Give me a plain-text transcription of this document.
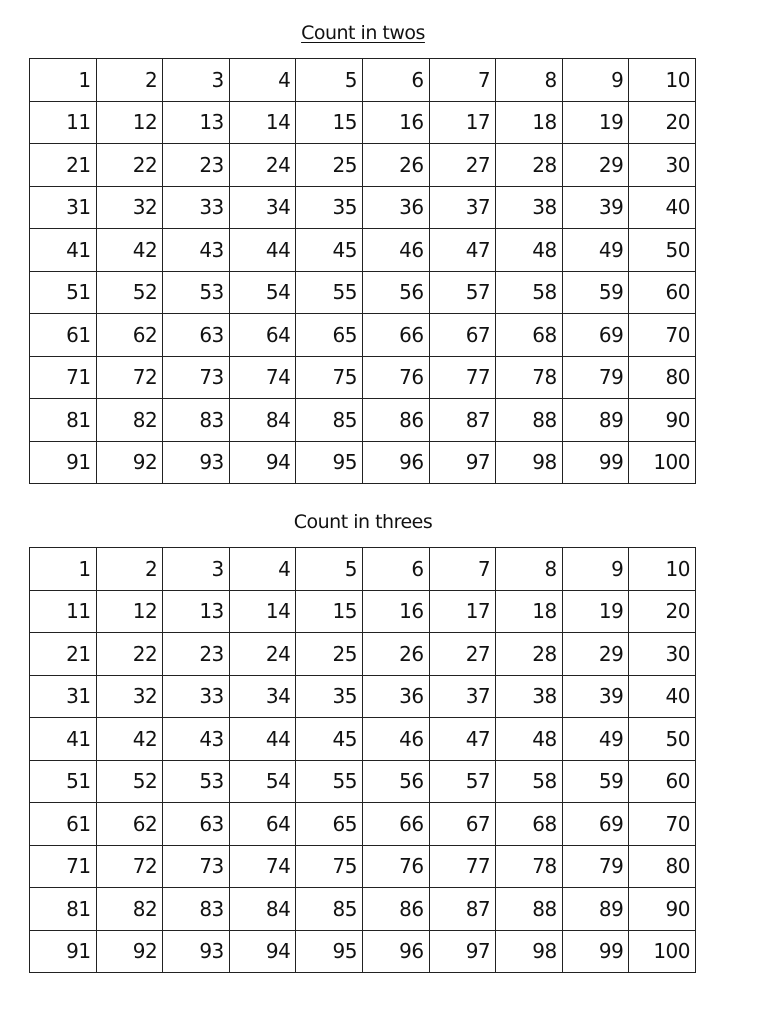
Count in twos
1	2	3	4	5	6	7	8	9	10
11	12	13	14	15	16	17	18	19	20
21	22	23	24	25	26	27	28	29	30
31	32	33	34	35	36	37	38	39	40
41	42	43	44	45	46	47	48	49	50
51	52	53	54	55	56	57	58	59	60
61	62	63	64	65	66	67	68	69	70
71	72	73	74	75	76	77	78	79	80
81	82	83	84	85	86	87	88	89	90
91	92	93	94	95	96	97	98	99	100
Count in threes
1	2	3	4	5	6	7	8	9	10
11	12	13	14	15	16	17	18	19	20
21	22	23	24	25	26	27	28	29	30
31	32	33	34	35	36	37	38	39	40
41	42	43	44	45	46	47	48	49	50
51	52	53	54	55	56	57	58	59	60
61	62	63	64	65	66	67	68	69	70
71	72	73	74	75	76	77	78	79	80
81	82	83	84	85	86	87	88	89	90
91	92	93	94	95	96	97	98	99	100
